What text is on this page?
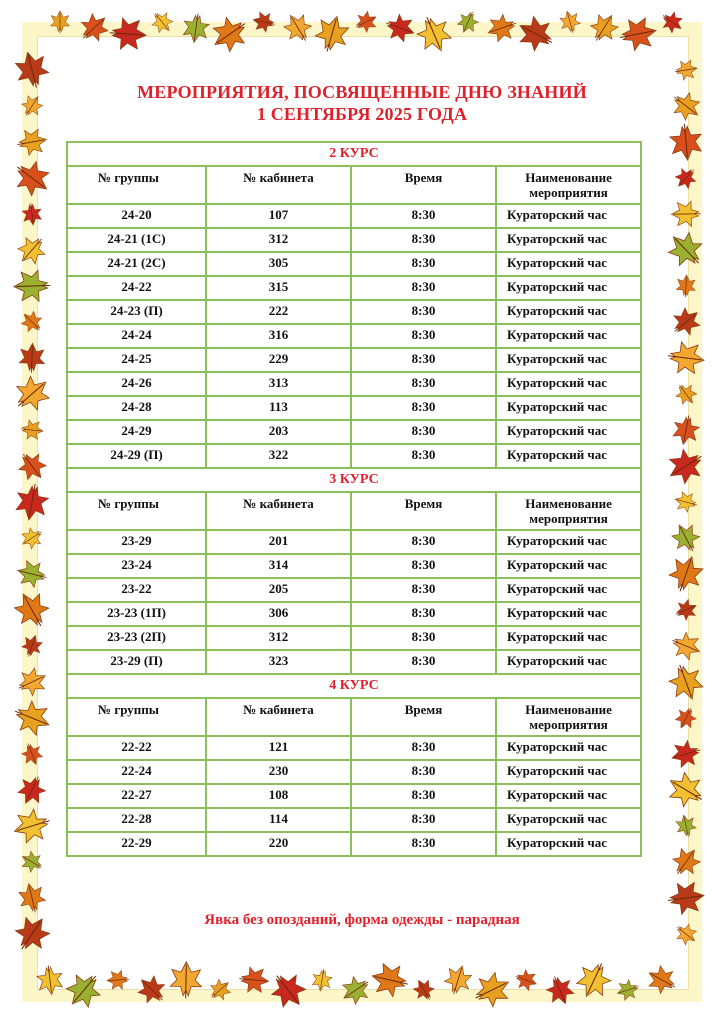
МЕРОПРИЯТИЯ, ПОСВЯЩЕННЫЕ ДНЮ ЗНАНИЙ
1 СЕНТЯБРЯ 2025 ГОДА
2 КУРС			
№ группы	№ кабинета	Время	Наименование
мероприятия

24-20	107	8:30	Кураторский час
24-21 (1С)	312	8:30	Кураторский час
24-21 (2С)	305	8:30	Кураторский час
24-22	315	8:30	Кураторский час
24-23 (П)	222	8:30	Кураторский час
24-24	316	8:30	Кураторский час
24-25	229	8:30	Кураторский час
24-26	313	8:30	Кураторский час
24-28	113	8:30	Кураторский час
24-29	203	8:30	Кураторский час
24-29 (П)	322	8:30	Кураторский час
3 КУРС			
№ группы	№ кабинета	Время	Наименование
мероприятия

23-29	201	8:30	Кураторский час
23-24	314	8:30	Кураторский час
23-22	205	8:30	Кураторский час
23-23 (1П)	306	8:30	Кураторский час
23-23 (2П)	312	8:30	Кураторский час
23-29 (П)	323	8:30	Кураторский час
4 КУРС			
№ группы	№ кабинета	Время	Наименование
мероприятия

22-22	121	8:30	Кураторский час
22-24	230	8:30	Кураторский час
22-27	108	8:30	Кураторский час
22-28	114	8:30	Кураторский час
22-29	220	8:30	Кураторский час
Явка без опозданий, форма одежды - парадная
